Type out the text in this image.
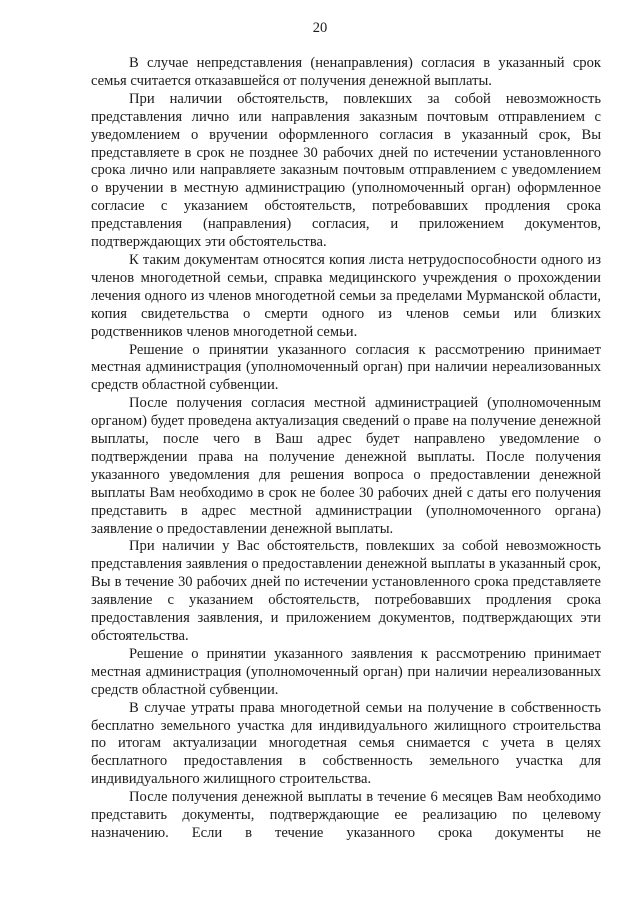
20

В случае непредставления (ненаправления) согласия в указанный срок семья считается отказавшейся от получения денежной выплаты.

При наличии обстоятельств, повлекших за собой невозможность представления лично или направления заказным почтовым отправлением с уведомлением о вручении оформленного согласия в указанный срок, Вы представляете в срок не позднее 30 рабочих дней по истечении установленного срока лично или направляете заказным почтовым отправлением с уведомлением о вручении в местную администрацию (уполномоченный орган) оформленное согласие с указанием обстоятельств, потребовавших продления срока представления (направления) согласия, и приложением документов, подтверждающих эти обстоятельства.

К таким документам относятся копия листа нетрудоспособности одного из членов многодетной семьи, справка медицинского учреждения о прохождении лечения одного из членов многодетной семьи за пределами Мурманской области, копия свидетельства о смерти одного из членов семьи или близких родственников членов многодетной семьи.

Решение о принятии указанного согласия к рассмотрению принимает местная администрация (уполномоченный орган) при наличии нереализованных средств областной субвенции.

После получения согласия местной администрацией (уполномоченным органом) будет проведена актуализация сведений о праве на получение денежной выплаты, после чего в Ваш адрес будет направлено уведомление о подтверждении права на получение денежной выплаты. После получения указанного уведомления для решения вопроса о предоставлении денежной выплаты Вам необходимо в срок не более 30 рабочих дней с даты его получения представить в адрес местной администрации (уполномоченного органа) заявление о предоставлении денежной выплаты.

При наличии у Вас обстоятельств, повлекших за собой невозможность представления заявления о предоставлении денежной выплаты в указанный срок, Вы в течение 30 рабочих дней по истечении установленного срока представляете заявление с указанием обстоятельств, потребовавших продления срока предоставления заявления, и приложением документов, подтверждающих эти обстоятельства.

Решение о принятии указанного заявления к рассмотрению принимает местная администрация (уполномоченный орган) при наличии нереализованных средств областной субвенции.

В случае утраты права многодетной семьи на получение в собственность бесплатно земельного участка для индивидуального жилищного строительства по итогам актуализации многодетная семья снимается с учета в целях бесплатного предоставления в собственность земельного участка для индивидуального жилищного строительства.

После получения денежной выплаты в течение 6 месяцев Вам необходимо представить документы, подтверждающие ее реализацию по целевому назначению. Если в течение указанного срока документы не
